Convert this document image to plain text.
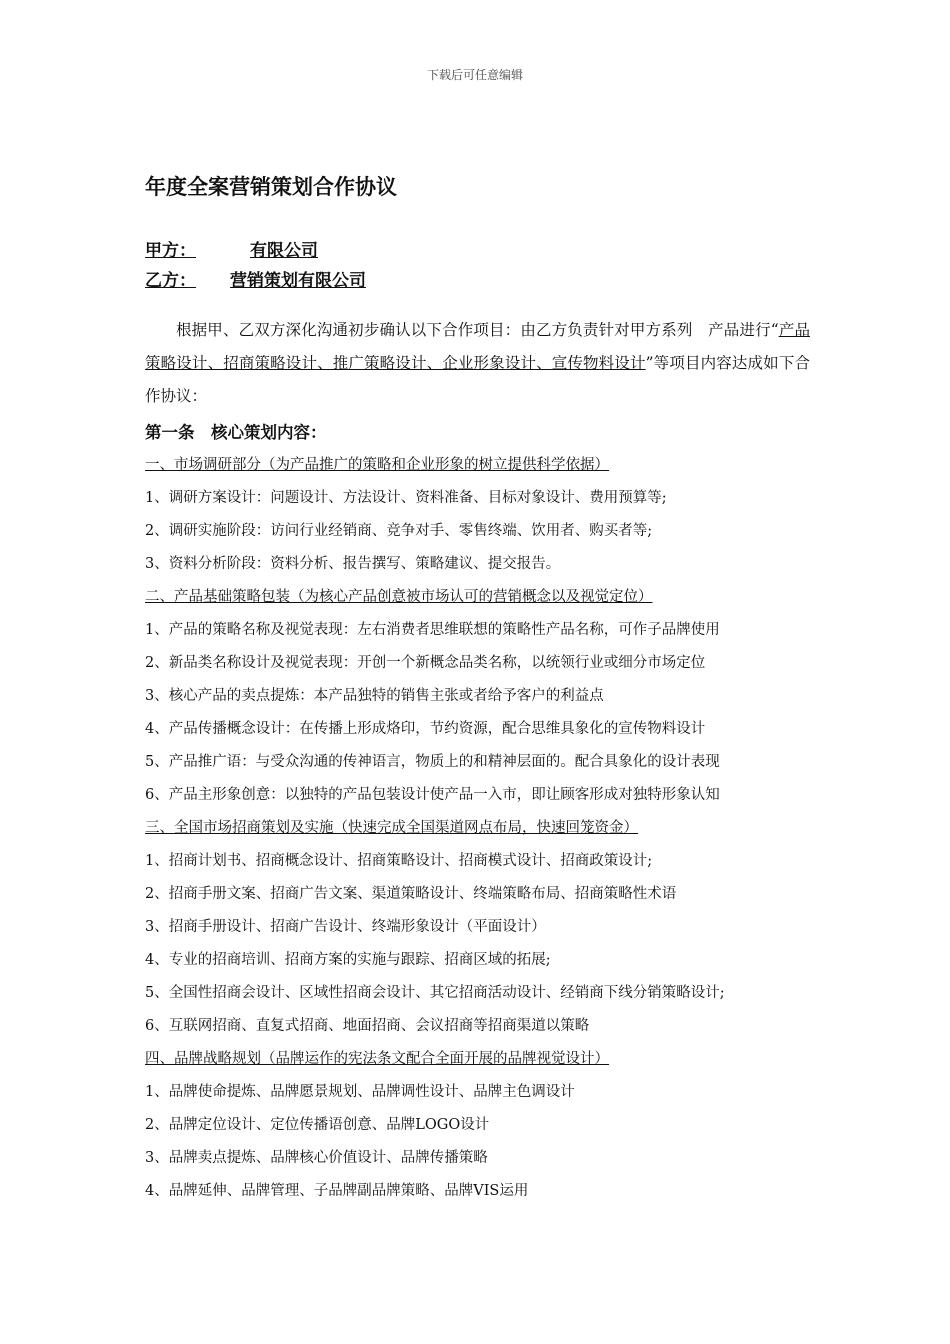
下载后可任意编辑
年度全案营销策划合作协议
甲方：	有限公司
乙方：	营销策划有限公司
根据甲、乙双方深化沟通初步确认以下合作项目：由乙方负责针对甲方系列　产品进行“产品策略设计、招商策略设计、推广策略设计、企业形象设计、宣传物料设计”等项目内容达成如下合作协议：
第一条　核心策划内容：
一、市场调研部分（为产品推广的策略和企业形象的树立提供科学依据）
1、调研方案设计：问题设计、方法设计、资料准备、目标对象设计、费用预算等;
2、调研实施阶段：访问行业经销商、竞争对手、零售终端、饮用者、购买者等;
3、资料分析阶段：资料分析、报告撰写、策略建议、提交报告。
二、产品基础策略包装（为核心产品创意被市场认可的营销概念以及视觉定位）
1、产品的策略名称及视觉表现：左右消费者思维联想的策略性产品名称，可作子品牌使用
2、新品类名称设计及视觉表现：开创一个新概念品类名称，以统领行业或细分市场定位
3、核心产品的卖点提炼：本产品独特的销售主张或者给予客户的利益点
4、产品传播概念设计：在传播上形成烙印，节约资源，配合思维具象化的宣传物料设计
5、产品推广语：与受众沟通的传神语言，物质上的和精神层面的。配合具象化的设计表现
6、产品主形象创意：以独特的产品包装设计使产品一入市，即让顾客形成对独特形象认知
三、全国市场招商策划及实施（快速完成全国渠道网点布局，快速回笼资金）
1、招商计划书、招商概念设计、招商策略设计、招商模式设计、招商政策设计;
2、招商手册文案、招商广告文案、渠道策略设计、终端策略布局、招商策略性术语
3、招商手册设计、招商广告设计、终端形象设计（平面设计）
4、专业的招商培训、招商方案的实施与跟踪、招商区域的拓展;
5、全国性招商会设计、区域性招商会设计、其它招商活动设计、经销商下线分销策略设计;
6、互联网招商、直复式招商、地面招商、会议招商等招商渠道以策略
四、品牌战略规划（品牌运作的宪法条文配合全面开展的品牌视觉设计）
1、品牌使命提炼、品牌愿景规划、品牌调性设计、品牌主色调设计
2、品牌定位设计、定位传播语创意、品牌LOGO设计
3、品牌卖点提炼、品牌核心价值设计、品牌传播策略
4、品牌延伸、品牌管理、子品牌副品牌策略、品牌VIS运用
